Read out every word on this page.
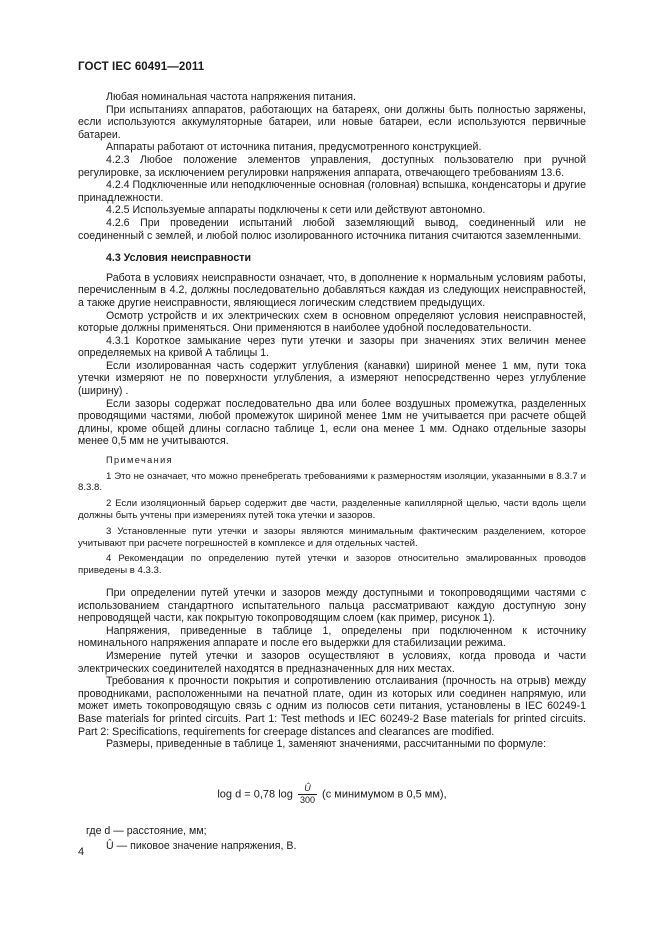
ГОСТ IEC 60491—2011

Любая номинальная частота напряжения питания.

При испытаниях аппаратов, работающих на батареях, они должны быть полностью заряжены, если используются аккумуляторные батареи, или новые батареи, если используются первичные батареи.

Аппараты работают от источника питания, предусмотренного конструкцией.

4.2.3 Любое положение элементов управления, доступных пользователю при ручной регулировке, за исключением регулировки напряжения аппарата, отвечающего требованиям 13.6.

4.2.4 Подключенные или неподключенные основная (головная) вспышка, конденсаторы и другие принадлежности.

4.2.5 Используемые аппараты подключены к сети или действуют автономно.

4.2.6 При проведении испытаний любой заземляющий вывод, соединенный или не соединенный с землей, и любой полюс изолированного источника питания считаются заземленными.

4.3 Условия неисправности

Работа в условиях неисправности означает, что, в дополнение к нормальным условиям работы, перечисленным в 4.2, должны последовательно добавляться каждая из следующих неисправностей, а также другие неисправности, являющиеся логическим следствием предыдущих.

Осмотр устройств и их электрических схем в основном определяют условия неисправностей, которые должны применяться. Они применяются в наиболее удобной последовательности.

4.3.1 Короткое замыкание через пути утечки и зазоры при значениях этих величин менее определяемых на кривой А таблицы 1.

Если изолированная часть содержит углубления (канавки) шириной менее 1 мм, пути тока утечки измеряют не по поверхности углубления, а измеряют непосредственно через углубление (ширину) .

Если зазоры содержат последовательно два или более воздушных промежутка, разделенных проводящими частями, любой промежуток шириной менее 1мм не учитывается при расчете общей длины, кроме общей длины согласно таблице 1, если она менее 1 мм. Однако отдельные зазоры менее 0,5 мм не учитываются.

Примечания

1 Это не означает, что можно пренебрегать требованиями к размерностям изоляции, указанными в 8.3.7 и 8.3.8.

2 Если изоляционный барьер содержит две части, разделенные капиллярной щелью, части вдоль щели должны быть учтены при измерениях путей тока утечки и зазоров.

3 Установленные пути утечки и зазоры являются минимальным фактическим разделением, которое учитывают при расчете погрешностей в комплексе и для отдельных частей.

4 Рекомендации по определению путей утечки и зазоров относительно эмалированных проводов приведены в 4.3.3.

При определении путей утечки и зазоров между доступными и токопроводящими частями с использованием стандартного испытательного пальца рассматривают каждую доступную зону непроводящей части, как покрытую токопроводящим слоем (как пример, рисунок 1).

Напряжения, приведенные в таблице 1, определены при подключенном к источнику номинального напряжения аппарате и после его выдержки для стабилизации режима.

Измерение путей утечки и зазоров осуществляют в условиях, когда провода и части электрических соединителей находятся в предназначенных для них местах.

Требования к прочности покрытия и сопротивлению отслаивания (прочность на отрыв) между проводниками, расположенными на печатной плате, один из которых или соединен напрямую, или может иметь токопроводящую связь с одним из полюсов сети питания, установлены в IEC 60249-1 Base materials for printed circuits. Part 1: Test methods и IEC 60249-2 Base materials for printed circuits. Part 2: Specifications, requirements for creepage distances and clearances are modified.

Размеры, приведенные в таблице 1, заменяют значениями, рассчитанными по формуле:

log d = 0,78 $\log \frac{Û}{300} (с$ минимумом в 0,5 мм),

где d — расстояние, мм;

Û — пиковое значение напряжения, В.

4
